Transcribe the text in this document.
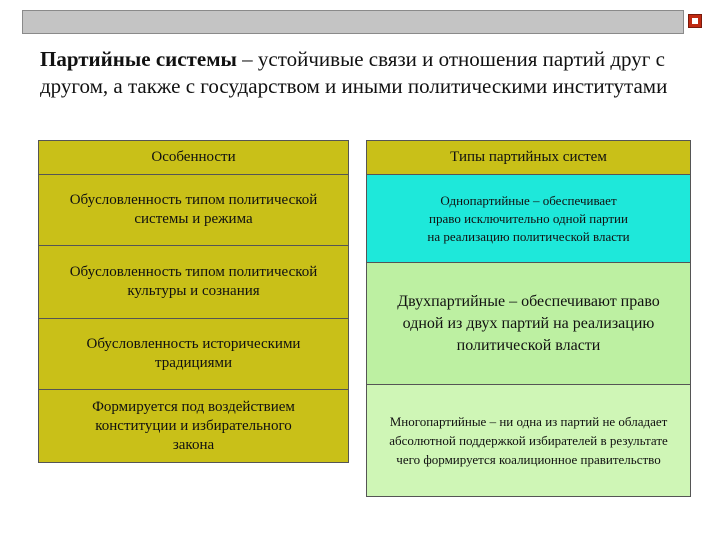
Партийные системы – устойчивые связи и отношения партий друг с другом, а также с государством и иными политическими институтами
Особенности
Обусловленность типом политической системы и режима
Обусловленность типом политической культуры и сознания
Обусловленность историческими традициями
Формируется под воздействием конституции и избирательного закона
Типы партийных систем
Однопартийные – обеспечивает право исключительно одной партии на реализацию политической власти
Двухпартийные – обеспечивают право одной из двух партий на реализацию политической власти
Многопартийные – ни одна из партий не обладает абсолютной поддержкой избирателей в результате чего формируется коалиционное правительство
